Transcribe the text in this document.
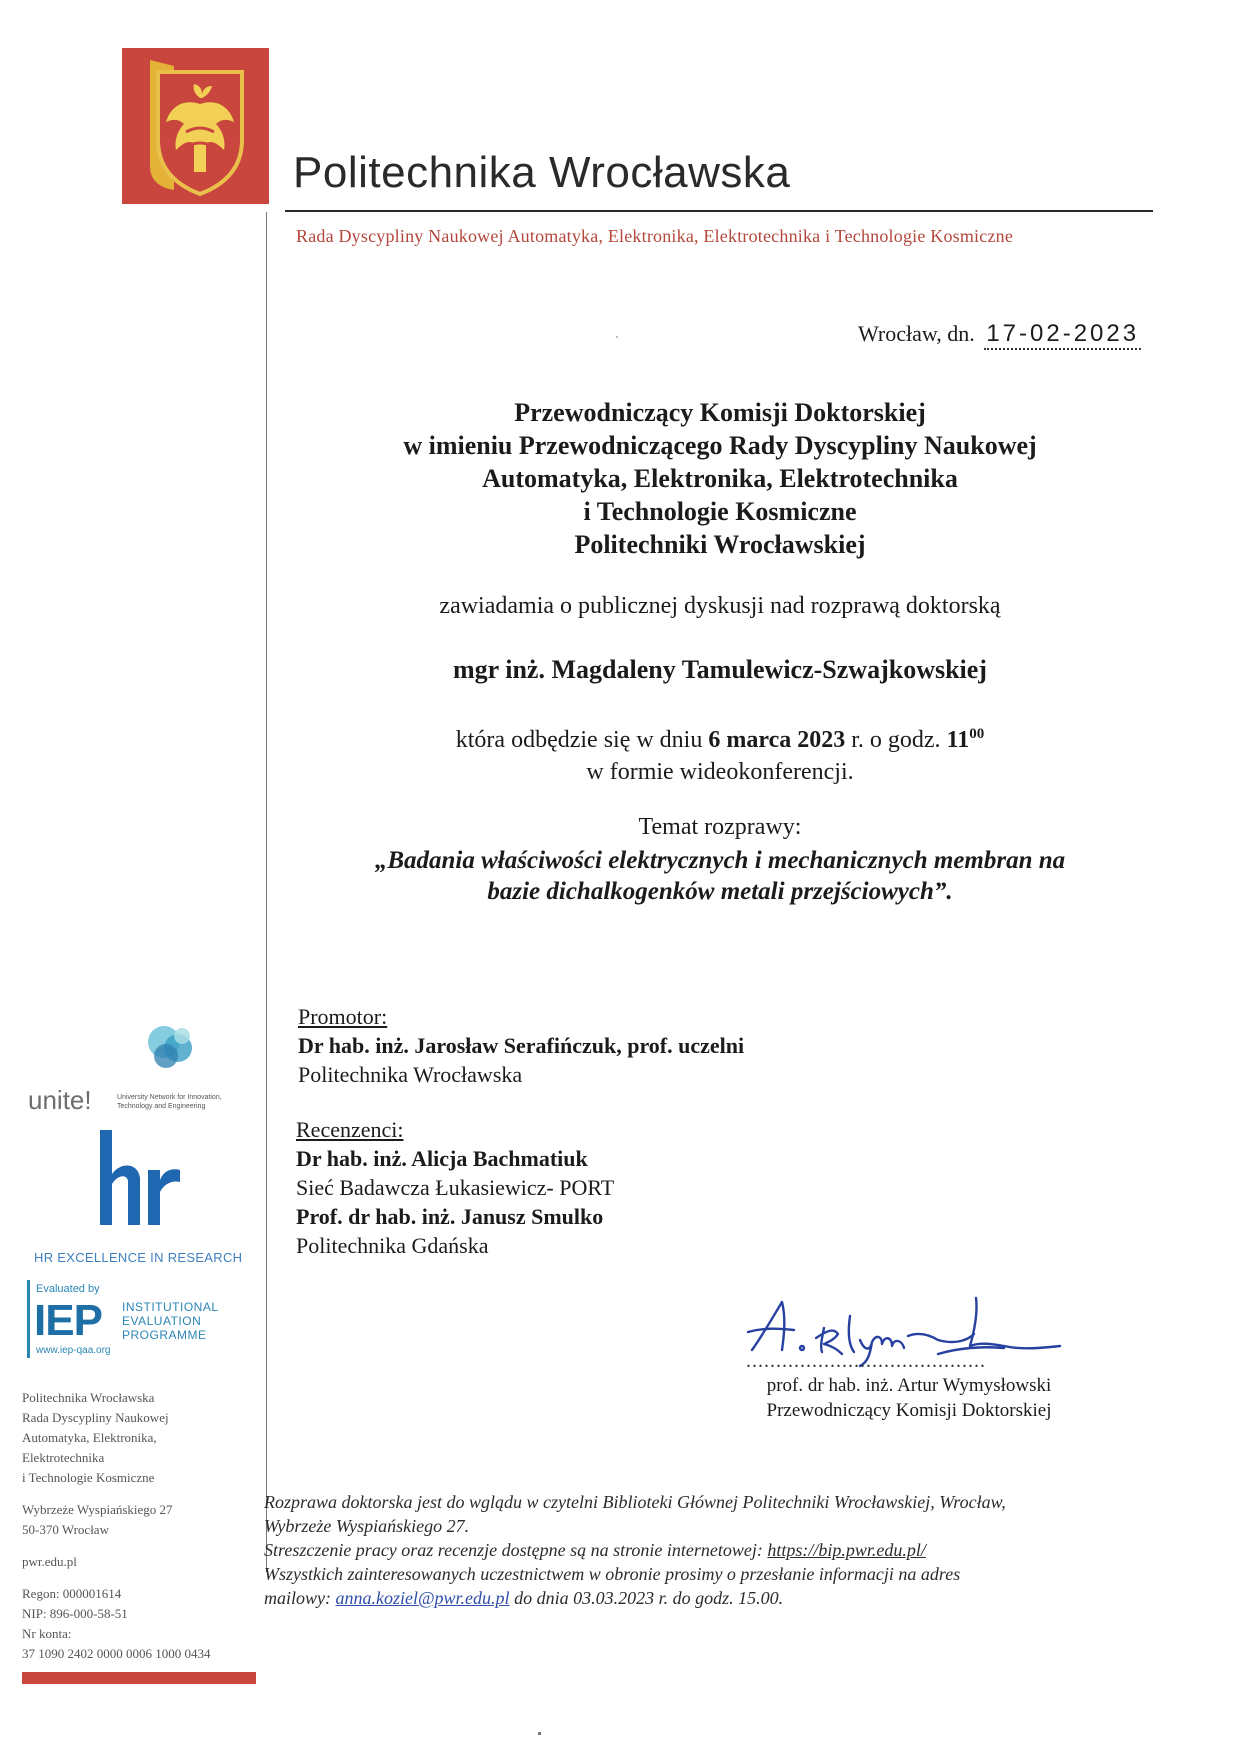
Politechnika Wrocławska
Rada Dyscypliny Naukowej Automatyka, Elektronika, Elektrotechnika i Technologie Kosmiczne
Wrocław, dn. 17-02-2023
Przewodniczący Komisji Doktorskiej
w imieniu Przewodniczącego Rady Dyscypliny Naukowej
Automatyka, Elektronika, Elektrotechnika
i Technologie Kosmiczne
Politechniki Wrocławskiej
zawiadamia o publicznej dyskusji nad rozprawą doktorską
mgr inż. Magdaleny Tamulewicz-Szwajkowskiej
która odbędzie się w dniu 6 marca 2023 r. o godz. $11^{00}$
w formie wideokonferencji.
Temat rozprawy:
„Badania właściwości elektrycznych i mechanicznych membran na
bazie dichalkogenków metali przejściowych”.
Promotor:
Dr hab. inż. Jarosław Serafińczuk, prof. uczelni
Politechnika Wrocławska
Recenzenci:
Dr hab. inż. Alicja Bachmatiuk
Sieć Badawcza Łukasiewicz- PORT
Prof. dr hab. inż. Janusz Smulko
Politechnika Gdańska
........................................
prof. dr hab. inż. Artur Wymysłowski
Przewodniczący Komisji Doktorskiej
Rozprawa doktorska jest do wglądu w czytelni Biblioteki Głównej Politechniki Wrocławskiej, Wrocław,
Wybrzeże Wyspiańskiego 27.
Streszczenie pracy oraz recenzje dostępne są na stronie internetowej: https://bip.pwr.edu.pl/
Wszystkich zainteresowanych uczestnictwem w obronie prosimy o przesłanie informacji na adres
mailowy: anna.koziel@pwr.edu.pl do dnia 03.03.2023 r. do godz. 15.00.
unite!	University Network for Innovation, Technology and Engineering
HR EXCELLENCE IN RESEARCH
Evaluated by
IEP INSTITUTIONAL
EVALUATION
PROGRAMME
www.iep-qaa.org
Politechnika Wrocławska
Rada Dyscypliny Naukowej
Automatyka, Elektronika,
Elektrotechnika
i Technologie Kosmiczne
Wybrzeże Wyspiańskiego 27
50-370 Wrocław
pwr.edu.pl
Regon: 000001614
NIP: 896-000-58-51
Nr konta:
37 1090 2402 0000 0006 1000 0434
